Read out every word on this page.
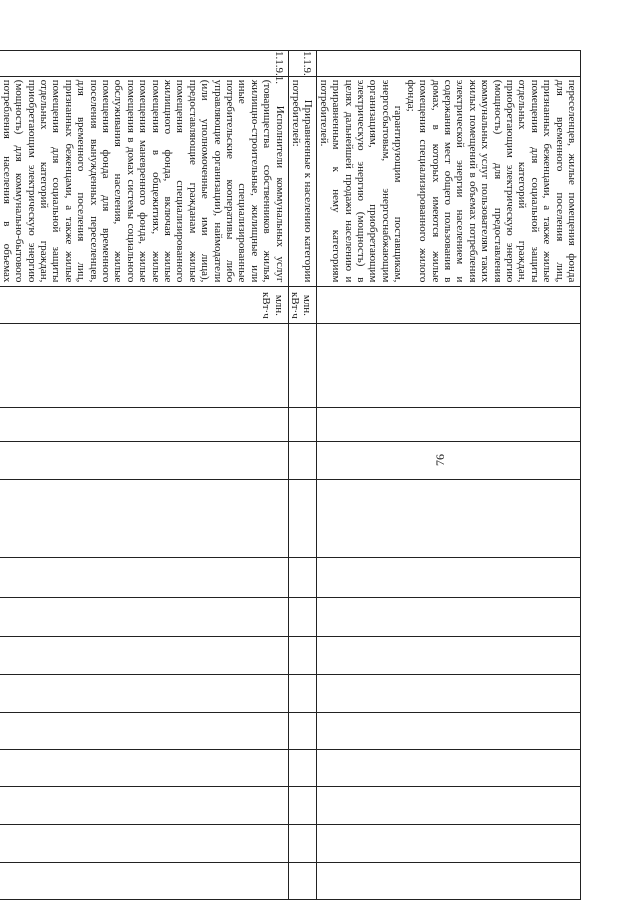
76

	переселенцев, жилые помещения фонда для временного поселения лиц, признанных беженцами, а также жилые помещения для социальной защиты отдельных категорий граждан, приобретающим электрическую энергию (мощность) для предоставления коммунальных услуг пользователям таких жилых помещений в объемах потребления электрической энергии населением и содержания мест общего пользования в домах, в которых имеются жилые помещения специализированного жилого фонда;

гарантирующим поставщикам, энергосбытовым, энергоснабжающим организациям, приобретающим электрическую энергию (мощность) в целях дальнейшей продажи населению и приравненным к нему категориям потребителей.														

1.1.9.	Приравненные к населению категории потребителей:	млн. кВт·ч													
1.1.9.1.	Исполнители коммунальных услуг (товарищества собственников жилья, жилищно-строительные, жилищные или иные специализированные потребительские кооперативы либо управляющие организации), наймодатели (или уполномоченные ими лица), предоставляющие гражданам жилые помещения специализированного жилищного фонда, включая жилые помещения в общежитиях, жилые помещения маневренного фонда, жилые помещения в домах системы социального обслуживания населения, жилые помещения фонда для временного поселения вынужденных переселенцев, для временного поселения лиц, признанных беженцами, а также жилые помещения для социальной защиты отдельных категорий граждан, приобретающим электрическую энергию (мощность) для коммунально-бытового потребления населения в объемах	млн. кВт·ч													
